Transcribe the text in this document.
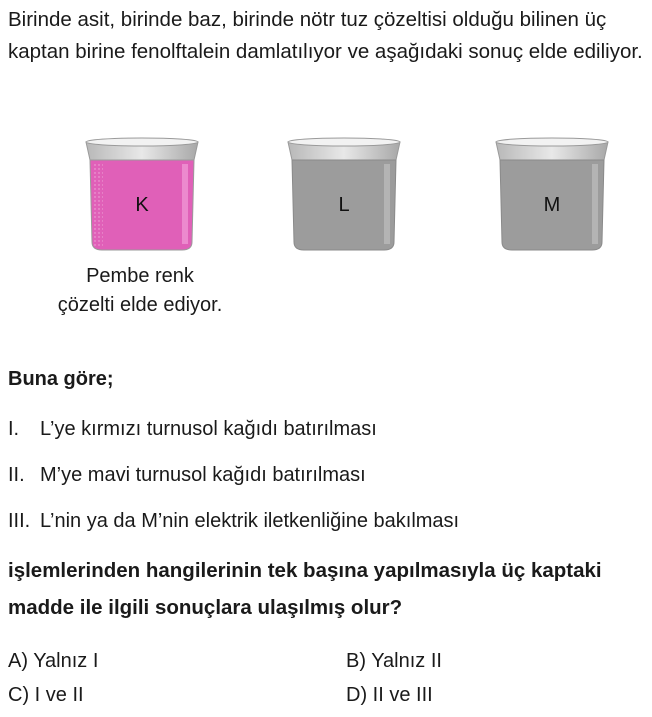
Birinde asit, birinde baz, birinde nötr tuz çözeltisi olduğu bilinen üç kaptan birine fenolftalein damlatılıyor ve aşağıdaki sonuç elde ediliyor.

K	L	M
Pembe renk
çözelti elde ediyor.
Buna göre;
I. L’ye kırmızı turnusol kağıdı batırılması
II. M’ye mavi turnusol kağıdı batırılması
III. L’nin ya da M’nin elektrik iletkenliğine bakılması

işlemlerinden hangilerinin tek başına yapılmasıyla üç kaptaki madde ile ilgili sonuçlara ulaşılmış olur?

A) Yalnız I	B) Yalnız II
C) I ve II	D) II ve III
